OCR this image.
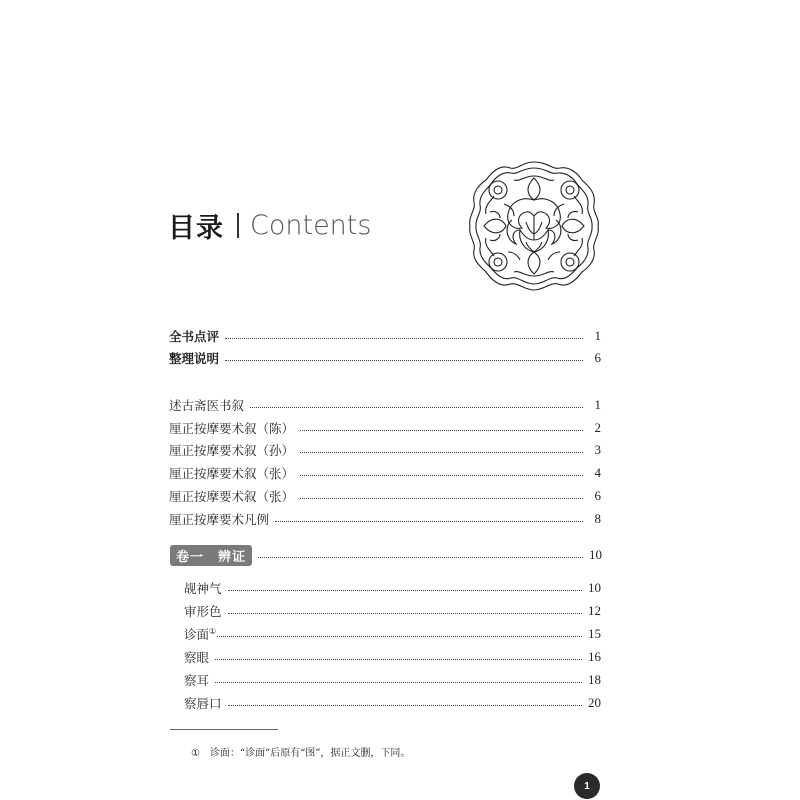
目录 Contents
全书点评	1
整理说明	6
述古斋医书叙	1
厘正按摩要术叙（陈）	2
厘正按摩要术叙（孙）	3
厘正按摩要术叙（张）	4
厘正按摩要术叙（张）	6
厘正按摩要术凡例	8
卷一　辨证	10
觇神气	10
审形色	12
诊面①	15
察眼	16
察耳	18
察唇口	20
① 诊面：“诊面”后原有“图”，据正文删，下同。
1
